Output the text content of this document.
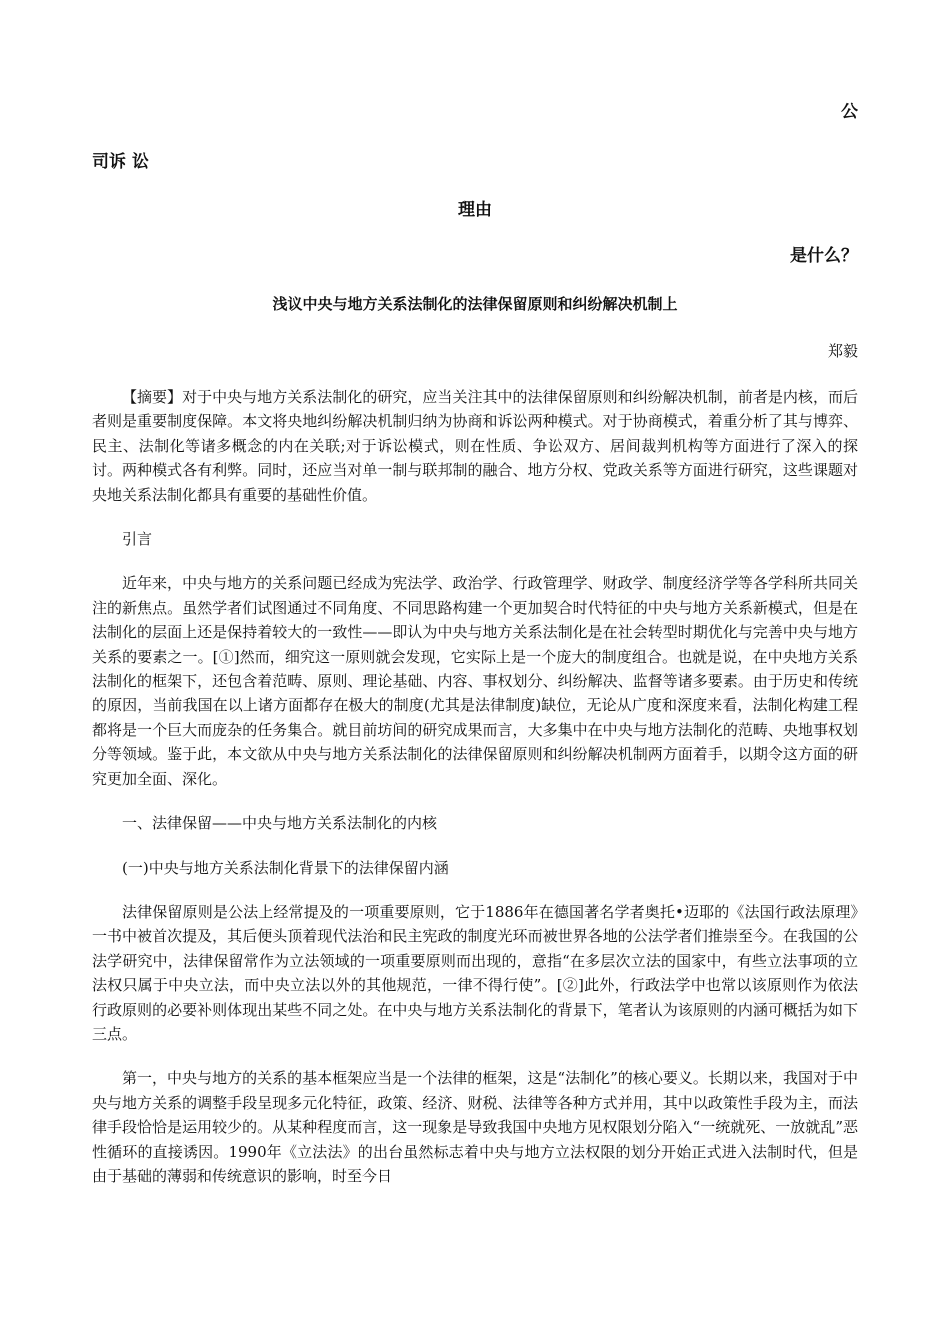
公
司诉 讼
理由
是什么？
浅议中央与地方关系法制化的法律保留原则和纠纷解决机制上
郑毅

【摘要】对于中央与地方关系法制化的研究，应当关注其中的法律保留原则和纠纷解决机制，前者是内核，而后者则是重要制度保障。本文将央地纠纷解决机制归纳为协商和诉讼两种模式。对于协商模式，着重分析了其与博弈、民主、法制化等诸多概念的内在关联;对于诉讼模式，则在性质、争讼双方、居间裁判机构等方面进行了深入的探讨。两种模式各有利弊。同时，还应当对单一制与联邦制的融合、地方分权、党政关系等方面进行研究，这些课题对央地关系法制化都具有重要的基础性价值。

引言

近年来，中央与地方的关系问题已经成为宪法学、政治学、行政管理学、财政学、制度经济学等各学科所共同关注的新焦点。虽然学者们试图通过不同角度、不同思路构建一个更加契合时代特征的中央与地方关系新模式，但是在法制化的层面上还是保持着较大的一致性——即认为中央与地方关系法制化是在社会转型时期优化与完善中央与地方关系的要素之一。[①]然而，细究这一原则就会发现，它实际上是一个庞大的制度组合。也就是说，在中央地方关系法制化的框架下，还包含着范畴、原则、理论基础、内容、事权划分、纠纷解决、监督等诸多要素。由于历史和传统的原因，当前我国在以上诸方面都存在极大的制度(尤其是法律制度)缺位，无论从广度和深度来看，法制化构建工程都将是一个巨大而庞杂的任务集合。就目前坊间的研究成果而言，大多集中在中央与地方法制化的范畴、央地事权划分等领域。鉴于此，本文欲从中央与地方关系法制化的法律保留原则和纠纷解决机制两方面着手，以期令这方面的研究更加全面、深化。

一、法律保留——中央与地方关系法制化的内核

(一)中央与地方关系法制化背景下的法律保留内涵

法律保留原则是公法上经常提及的一项重要原则，它于1886年在德国著名学者奥托•迈耶的《法国行政法原理》一书中被首次提及，其后便头顶着现代法治和民主宪政的制度光环而被世界各地的公法学者们推崇至今。在我国的公法学研究中，法律保留常作为立法领域的一项重要原则而出现的，意指“在多层次立法的国家中，有些立法事项的立法权只属于中央立法，而中央立法以外的其他规范，一律不得行使”。[②]此外，行政法学中也常以该原则作为依法行政原则的必要补则体现出某些不同之处。在中央与地方关系法制化的背景下，笔者认为该原则的内涵可概括为如下三点。

第一，中央与地方的关系的基本框架应当是一个法律的框架，这是“法制化”的核心要义。长期以来，我国对于中央与地方关系的调整手段呈现多元化特征，政策、经济、财税、法律等各种方式并用，其中以政策性手段为主，而法律手段恰恰是运用较少的。从某种程度而言，这一现象是导致我国中央地方见权限划分陷入“一统就死、一放就乱”恶性循环的直接诱因。1990年《立法法》的出台虽然标志着中央与地方立法权限的划分开始正式进入法制时代，但是由于基础的薄弱和传统意识的影响，时至今日
